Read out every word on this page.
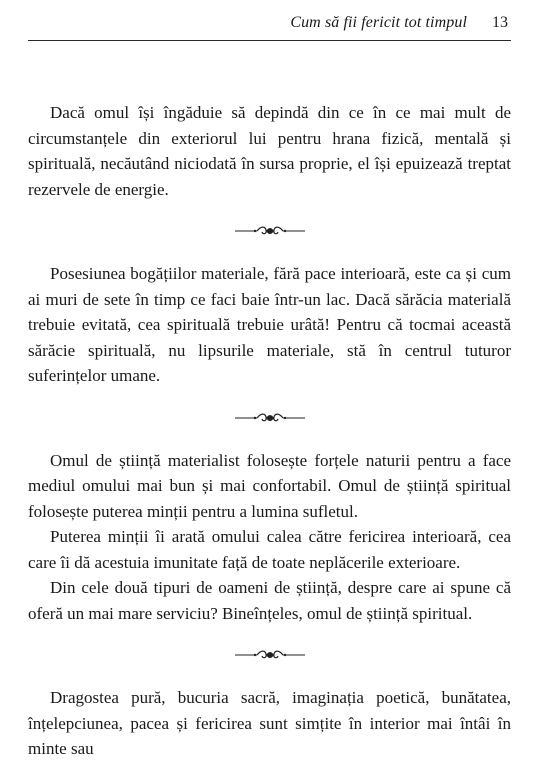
Cum să fii fericit tot timpul 13

Dacă omul își îngăduie să depindă din ce în ce mai mult de circumstanțele din exteriorul lui pentru hrana fizică, mentală și spirituală, necăutând niciodată în sursa proprie, el își epuizează treptat rezervele de energie.

Posesiunea bogățiilor materiale, fără pace interioară, este ca și cum ai muri de sete în timp ce faci baie într-un lac. Dacă sărăcia materială trebuie evitată, cea spirituală trebuie urâtă! Pentru că tocmai această sărăcie spirituală, nu lipsurile materiale, stă în centrul tuturor suferințelor umane.

Omul de știință materialist folosește forțele naturii pentru a face mediul omului mai bun și mai confortabil. Omul de știință spiritual folosește puterea minții pentru a lumina sufletul.

Puterea minții îi arată omului calea către fericirea interioară, cea care îi dă acestuia imunitate față de toate neplăcerile exterioare.

Din cele două tipuri de oameni de știință, despre care ai spune că oferă un mai mare serviciu? Bineînțeles, omul de știință spiritual.

Dragostea pură, bucuria sacră, imaginația poetică, bunătatea, înțelepciunea, pacea și fericirea sunt simțite în interior mai întâi în minte sau
